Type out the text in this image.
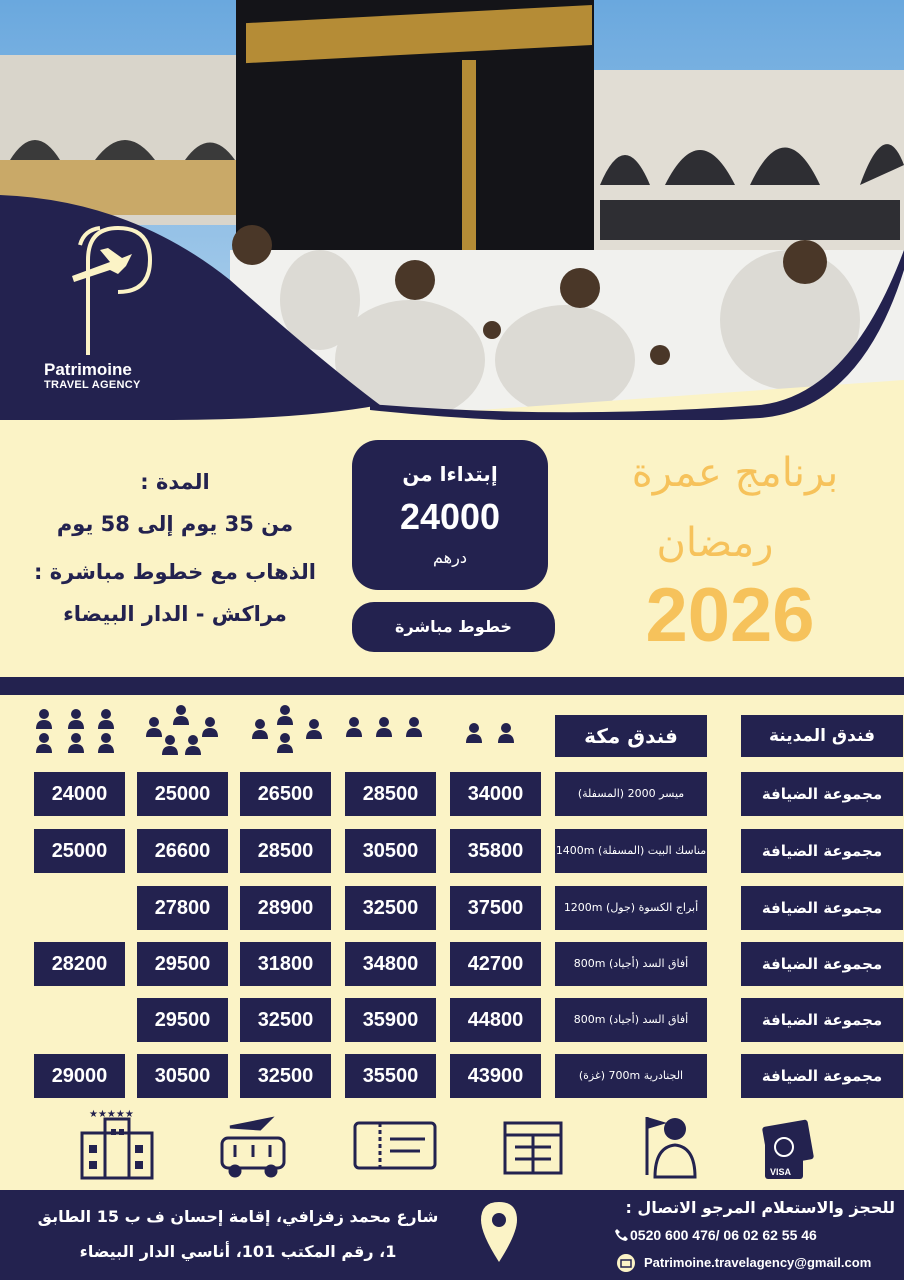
Patrimoine
TRAVEL AGENCY
برنامج عمرة
رمضان
2026
إبتداءا من
24000
درهم
خطوط مباشرة
المدة :
من 35 يوم إلى 58 يوم
الذهاب مع خطوط مباشرة :
مراكش - الدار البيضاء
فندق المدينة
فندق مكة
مجموعة الضيافة
ميسر 2000 (المسفلة)
34000
28500
26500
25000
24000
مجموعة الضيافة
مناسك البيت (المسفلة) 1400m
35800
30500
28500
26600
25000
مجموعة الضيافة
أبراج الكسوة (جول) 1200m
37500
32500
28900
27800
مجموعة الضيافة
أفاق السد (أجياد) 800m
42700
34800
31800
29500
28200
مجموعة الضيافة
أفاق السد (أجياد) 800m
44800
35900
32500
29500
مجموعة الضيافة
الجنادرية 700m (غزة)
43900
35500
32500
30500
29000
★★★★★
VISA
للحجز والاستعلام المرجو الاتصال :
0520 600 476/ 06 02 62 55 46
Patrimoine.travelagency@gmail.com
شارع محمد زفزافي، إقامة إحسان ف ب 15 الطابق
1، رقم المكتب 101، أناسي الدار البيضاء
